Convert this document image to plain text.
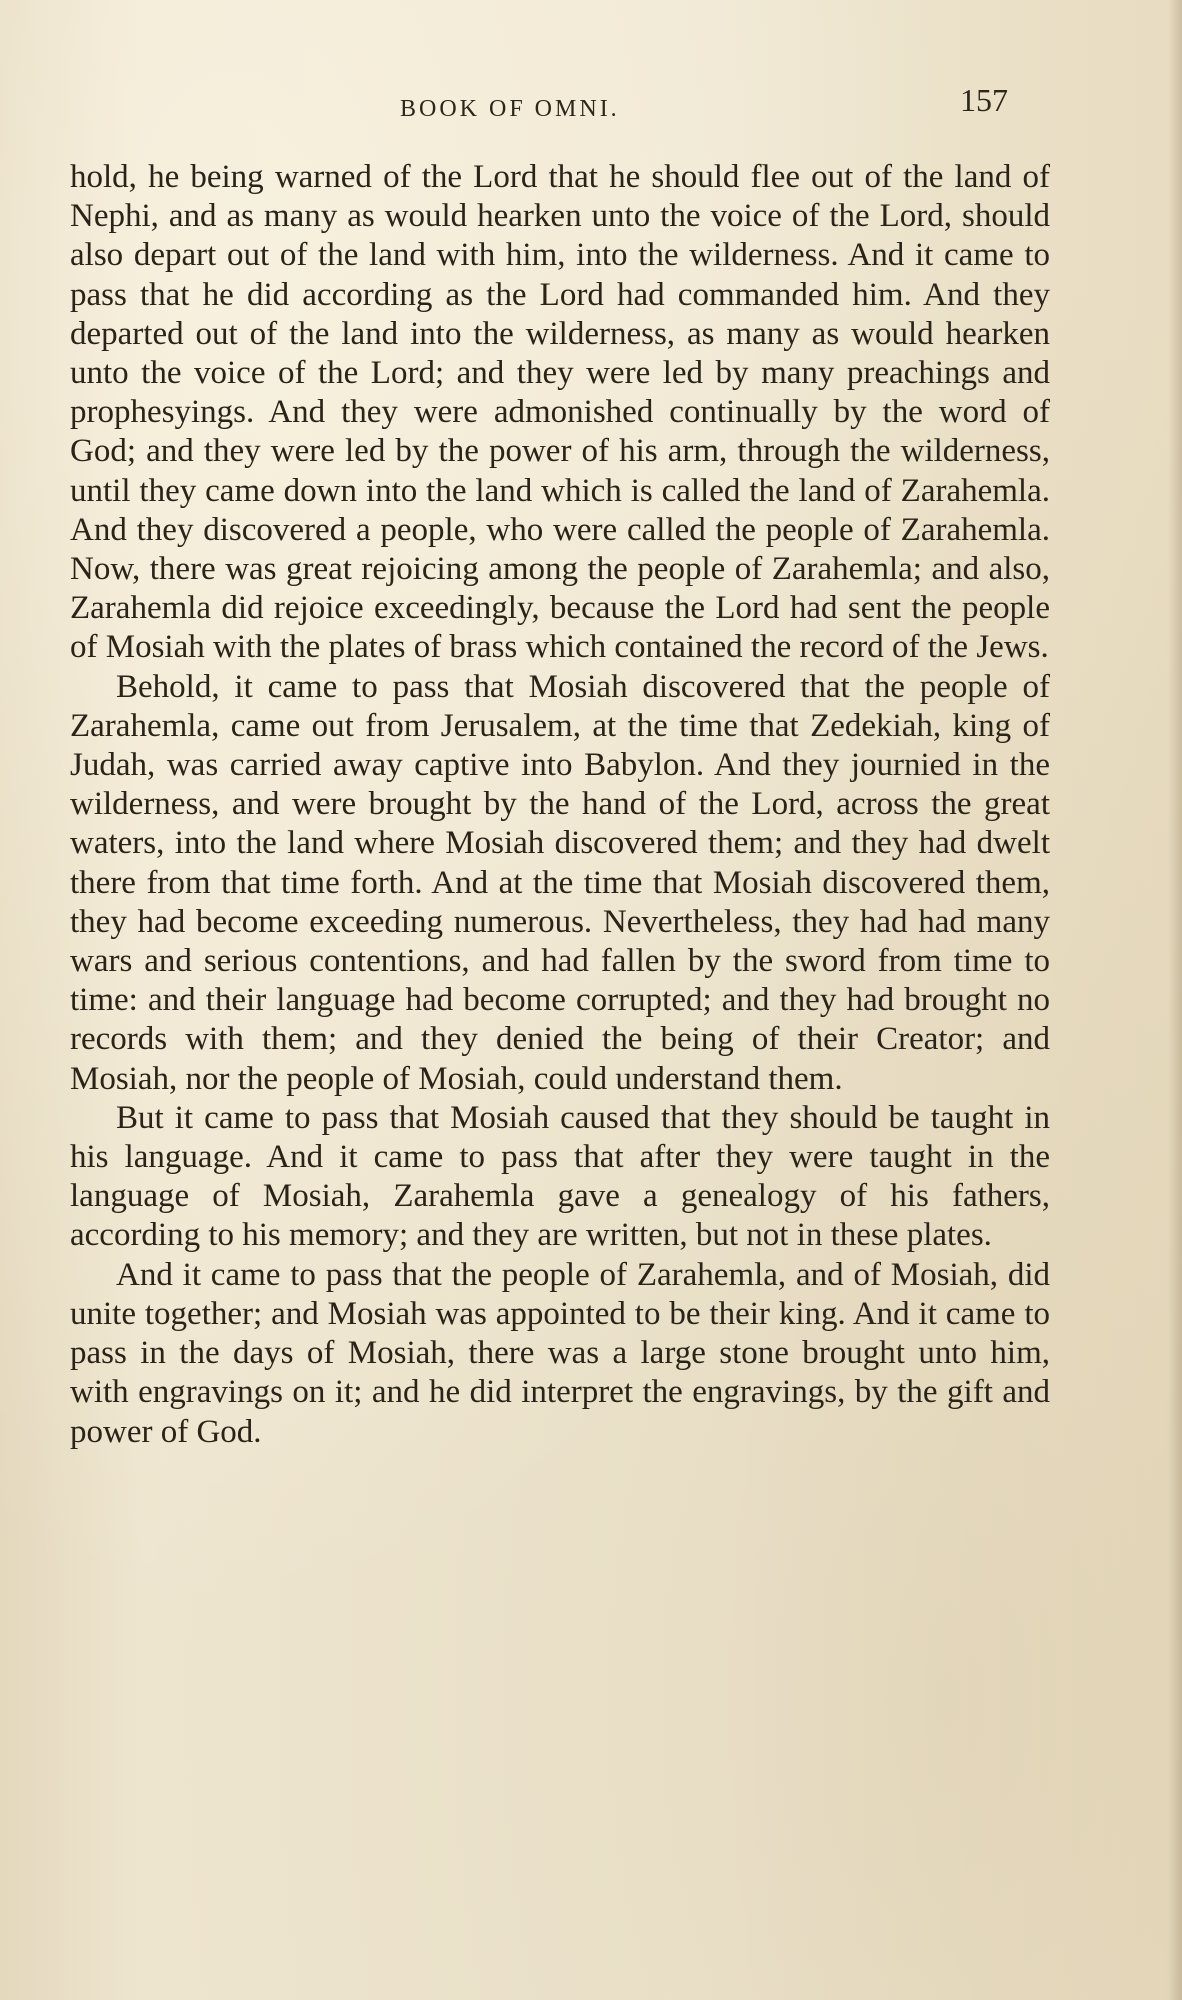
BOOK OF OMNI.	157

hold, he being warned of the Lord that he should flee out of the land of Nephi, and as many as would hearken unto the voice of the Lord, should also depart out of the land with him, into the wilderness. And it came to pass that he did according as the Lord had commanded him. And they departed out of the land into the wilderness, as many as would hearken unto the voice of the Lord; and they were led by many preachings and prophesyings. And they were admonished continually by the word of God; and they were led by the power of his arm, through the wilderness, until they came down into the land which is called the land of Zarahemla. And they discovered a people, who were called the people of Zarahemla. Now, there was great rejoicing among the people of Zarahemla; and also, Zarahemla did rejoice exceedingly, because the Lord had sent the people of Mosiah with the plates of brass which contained the record of the Jews.

Behold, it came to pass that Mosiah discovered that the people of Zarahemla, came out from Jerusalem, at the time that Zedekiah, king of Judah, was carried away captive into Babylon. And they journied in the wilderness, and were brought by the hand of the Lord, across the great waters, into the land where Mosiah discovered them; and they had dwelt there from that time forth. And at the time that Mosiah discovered them, they had become exceeding numerous. Nevertheless, they had had many wars and serious contentions, and had fallen by the sword from time to time: and their language had become corrupted; and they had brought no records with them; and they denied the being of their Creator; and Mosiah, nor the people of Mosiah, could understand them.

But it came to pass that Mosiah caused that they should be taught in his language. And it came to pass that after they were taught in the language of Mosiah, Zarahemla gave a genealogy of his fathers, according to his memory; and they are written, but not in these plates.

And it came to pass that the people of Zarahemla, and of Mosiah, did unite together; and Mosiah was appointed to be their king. And it came to pass in the days of Mosiah, there was a large stone brought unto him, with engravings on it; and he did interpret the engravings, by the gift and power of God.
